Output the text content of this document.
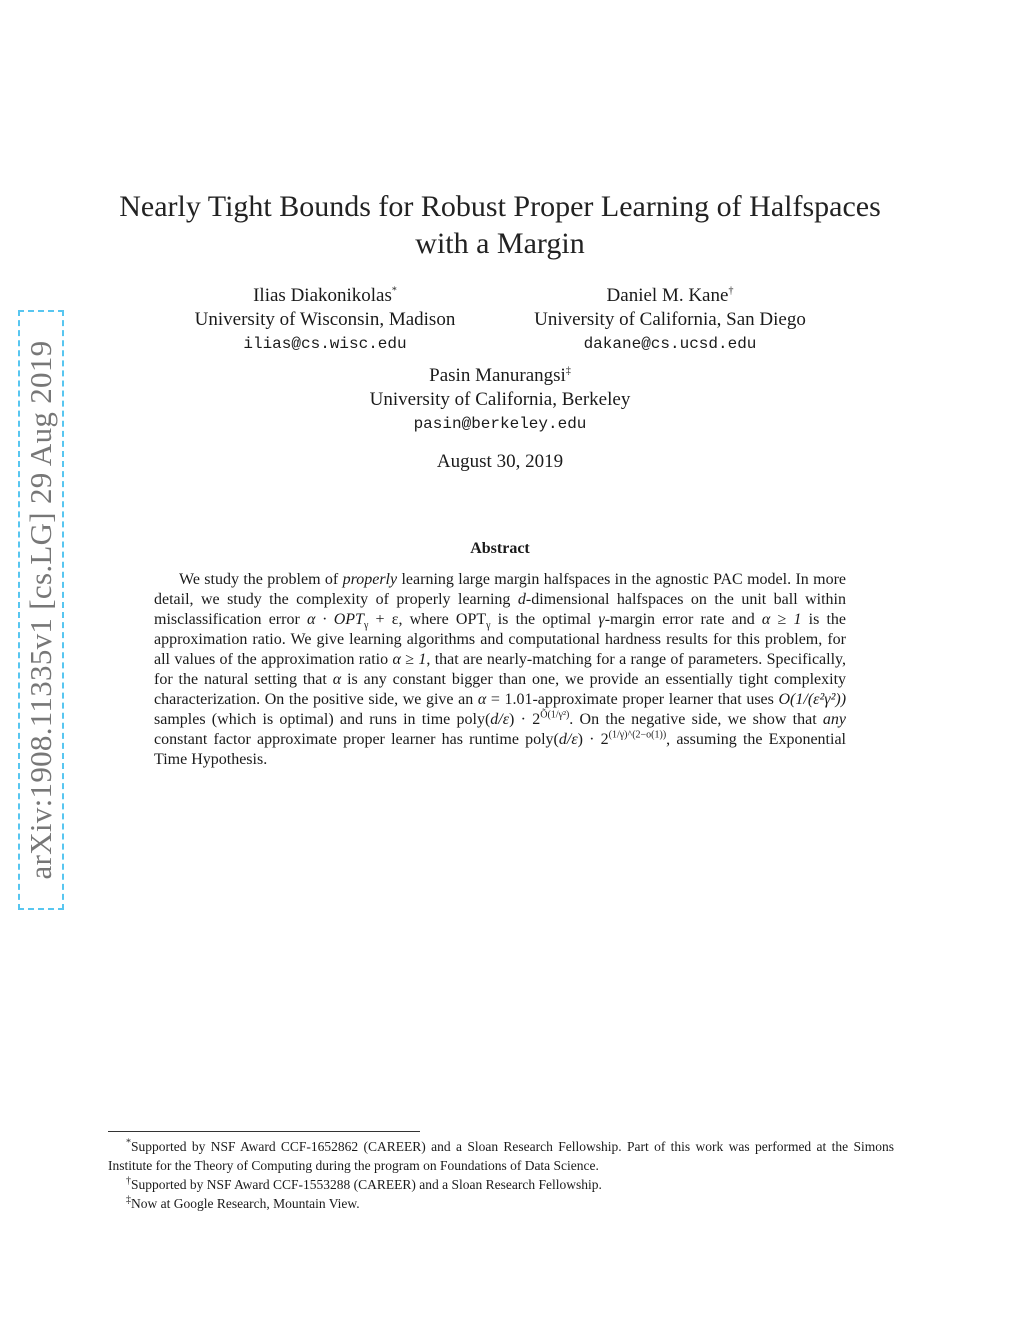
arXiv:1908.11335v1 [cs.LG] 29 Aug 2019
Nearly Tight Bounds for Robust Proper Learning of Halfspaces
with a Margin
Ilias Diakonikolas*
University of Wisconsin, Madison
ilias@cs.wisc.edu
Daniel M. Kane†
University of California, San Diego
dakane@cs.ucsd.edu
Pasin Manurangsi‡
University of California, Berkeley
pasin@berkeley.edu
August 30, 2019
Abstract

We study the problem of properly learning large margin halfspaces in the agnostic PAC model. In more detail, we study the complexity of properly learning d-dimensional halfspaces on the unit ball within misclassification error $\alpha \cdot OPT_\gamma + \varepsilon$, where $OPT_\gamma$ is the optimal γ-margin error rate and α ≥ 1 is the approximation ratio. We give learning algorithms and computational hardness results for this problem, for all values of the approximation ratio α ≥ 1, that are nearly-matching for a range of parameters. Specifically, for the natural setting that α is any constant bigger than one, we provide an essentially tight complexity characterization. On the positive side, we give an α = 1.01-approximate proper learner that uses O(1/(ε²γ²)) samples (which is optimal) and runs in time poly(d/ε) · $2^{Õ(1/\gamma^2)}$. On the negative side, we show that any constant factor approximate proper learner has runtime poly(d/ε) · $2^{(1/\gamma)\^{}(2-o(1))}$, assuming the Exponential Time Hypothesis.

*Supported by NSF Award CCF-1652862 (CAREER) and a Sloan Research Fellowship. Part of this work was performed at the Simons Institute for the Theory of Computing during the program on Foundations of Data Science.

†Supported by NSF Award CCF-1553288 (CAREER) and a Sloan Research Fellowship.

‡Now at Google Research, Mountain View.
